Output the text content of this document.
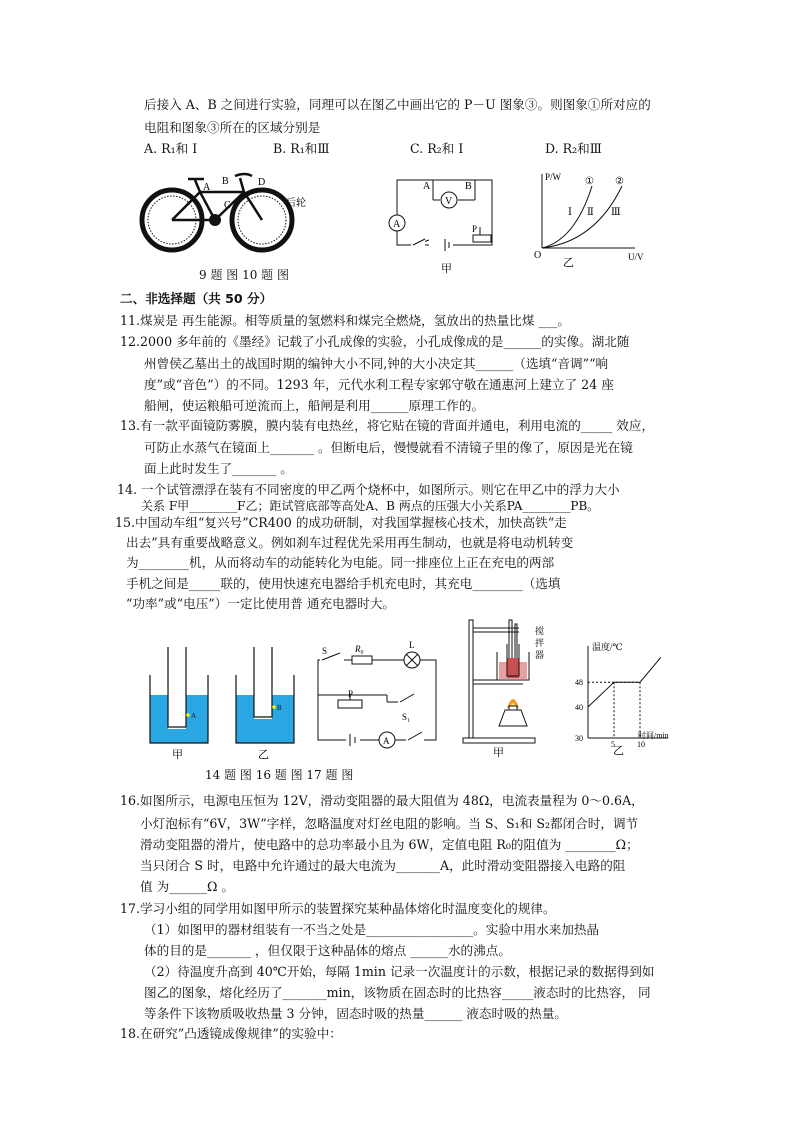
后接入 A、B 之间进行实验，同理可以在图乙中画出它的 P－U 图象③。则图象①所对应的
电阻和图象③所在的区域分别是
A. R₁和 Ⅰ	B. R₁和Ⅲ	C. R₂和 Ⅰ	D. R₂和Ⅲ
A
B
C
D
后轮
9 题 图 10 题 图
A	B
V
A	P
甲
P/W
U/V
O
① ②
Ⅰ Ⅱ Ⅲ
乙
二、非选择题（共 50 分）
11.煤炭是 再生能源。相等质量的氢燃料和煤完全燃烧，氢放出的热量比煤 ___。
12.2000 多年前的《墨经》记载了小孔成像的实验，小孔成像成的是______的实像。湖北随
州曾侯乙墓出土的战国时期的编钟大小不同,钟的大小决定其______（选填“音调”“响
度”或“音色”）的不同。1293 年，元代水利工程专家郭守敬在通惠河上建立了 24 座
船闸，使运粮船可逆流而上，船闸是利用______原理工作的。
13.有一款平面镜防雾膜，膜内装有电热丝，将它贴在镜的背面并通电，利用电流的_____ 效应，
可防止水蒸气在镜面上_______ 。但断电后，慢慢就看不清镜子里的像了，原因是光在镜
面上此时发生了_______ 。
14. 一个试管漂浮在装有不同密度的甲乙两个烧杯中，如图所示。则它在甲乙中的浮力大小
关系 F甲________F乙；距试管底部等高处A、B 两点的压强大小关系PA________PB。
15.中国动车组“复兴号”CR400 的成功研制，对我国掌握核心技术，加快高铁“走
出去”具有重要战略意义。例如刹车过程优先采用再生制动，也就是将电动机转变
为________机，从而将动车的动能转化为电能。同一排座位上正在充电的两部
手机之间是_____联的，使用快速充电器给手机充电时，其充电________（选填
“功率”或“电压”）一定比使用普 通充电器时大。
A
甲
B
乙
S	R₀	L
P
S₁
A
搅
拌
器
甲
温度/℃
时间/min
30
40
48
5	10
乙
14 题 图 16 题 图 17 题 图
16.如图所示，电源电压恒为 12V，滑动变阻器的最大阻值为 48Ω，电流表量程为 0～0.6A，
小灯泡标有“6V，3W”字样，忽略温度对灯丝电阻的影响。当 S、S₁和 S₂都闭合时，调节
滑动变阻器的滑片，使电路中的总功率最小且为 6W，定值电阻 R₀的阻值为 ________Ω；
当只闭合 S 时，电路中允许通过的最大电流为_______A，此时滑动变阻器接入电路的阻
值 为______Ω 。
17.学习小组的同学用如图甲所示的装置探究某种晶体熔化时温度变化的规律。
（1）如图甲的器材组装有一不当之处是_________________。实验中用水来加热晶
体的目的是_______ ，但仅限于这种晶体的熔点 ______水的沸点。
（2）待温度升高到 40℃开始，每隔 1min 记录一次温度计的示数，根据记录的数据得到如
图乙的图象，熔化经历了_______min，该物质在固态时的比热容_____液态时的比热容， 同
等条件下该物质吸收热量 3 分钟，固态时吸的热量______ 液态时吸的热量。
18.在研究”凸透镜成像规律”的实验中：
